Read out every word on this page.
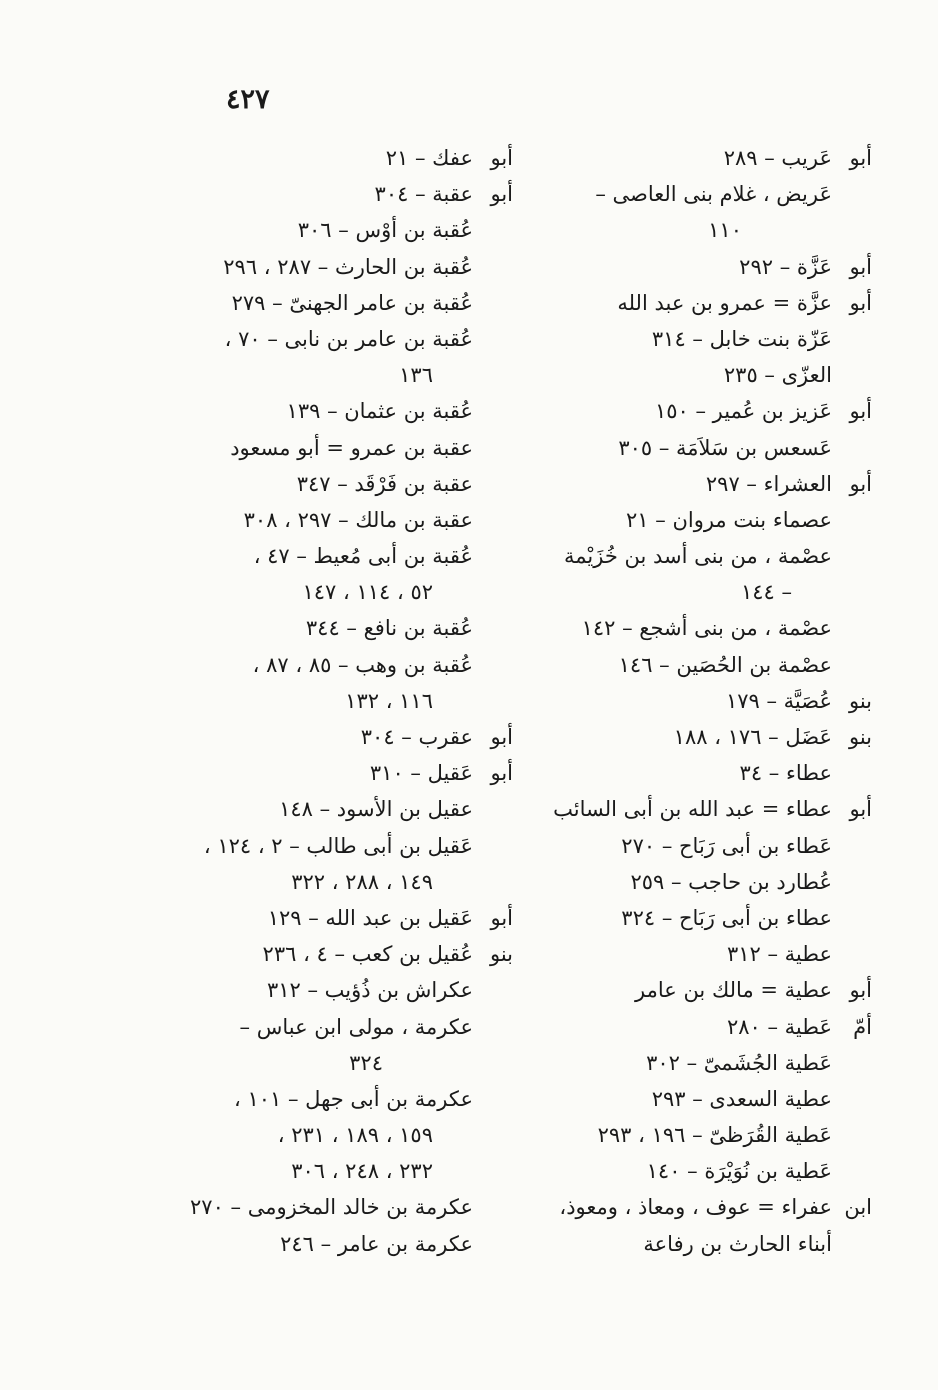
٤٢٧
أبو
عَريب – ٢٨٩
عَريض ، غلام بنى العاصى –
١١٠
أبو
عَزَّة – ٢٩٢
أبو
عزَّة = عمرو بن عبد الله
عَزّة بنت خابل – ٣١٤
العزّى – ٢٣٥
أبو
عَزيز بن عُمير – ١٥٠
عَسعس بن سَلاَمَة – ٣٠٥
أبو
العشراء – ٢٩٧
عصماء بنت مروان – ٢١
عصْمة ، من بنى أسد بن خُزَيْمة
– ١٤٤
عصْمة ، من بنى أشجع – ١٤٢
عصْمة بن الحُصَين – ١٤٦
بنو
عُصَيَّة – ١٧٩
بنو
عَضَل – ١٧٦ ، ١٨٨
عطاء – ٣٤
أبو
عطاء = عبد الله بن أبى السائب
عَطاء بن أبى رَبَاح – ٢٧٠
عُطارد بن حاجب – ٢٥٩
عطاء بن أبى رَبَاح – ٣٢٤
عطية – ٣١٢
أبو
عطية = مالك بن عامر
أمّ
عَطية – ٢٨٠
عَطية الجُشَمىّ – ٣٠٢
عطية السعدى – ٢٩٣
عَطية القُرَظىّ – ١٩٦ ، ٢٩٣
عَطية بن نُوَيْرَة – ١٤٠
ابن
عفراء = عوف ، ومعاذ ، ومعوذ،
أبناء الحارث بن رفاعة
أبو
عفك – ٢١
أبو
عقبة – ٣٠٤
عُقبة بن أوْس – ٣٠٦
عُقبة بن الحارث – ٢٨٧ ، ٢٩٦
عُقبة بن عامر الجهنىّ – ٢٧٩
عُقبة بن عامر بن نابى – ٧٠ ،
١٣٦
عُقبة بن عثمان – ١٣٩
عقبة بن عمرو = أبو مسعود
عقبة بن فَرْقَد – ٣٤٧
عقبة بن مالك – ٢٩٧ ، ٣٠٨
عُقبة بن أبى مُعيط – ٤٧ ،
٥٢ ، ١١٤ ، ١٤٧
عُقبة بن نافع – ٣٤٤
عُقبة بن وهب – ٨٥ ، ٨٧ ،
١١٦ ، ١٣٢
أبو
عقرب – ٣٠٤
أبو
عَقيل – ٣١٠
عقيل بن الأسود – ١٤٨
عَقيل بن أبى طالب – ٢ ، ١٢٤ ،
١٤٩ ، ٢٨٨ ، ٣٢٢
أبو
عَقيل بن عبد الله – ١٢٩
بنو
عُقيل بن كعب – ٤ ، ٢٣٦
عكراش بن ذُؤيب – ٣١٢
عكرمة ، مولى ابن عباس –
٣٢٤
عكرمة بن أبى جهل – ١٠١ ،
١٥٩ ، ١٨٩ ، ٢٣١ ،
٢٣٢ ، ٢٤٨ ، ٣٠٦
عكرمة بن خالد المخزومى – ٢٧٠
عكرمة بن عامر – ٢٤٦
